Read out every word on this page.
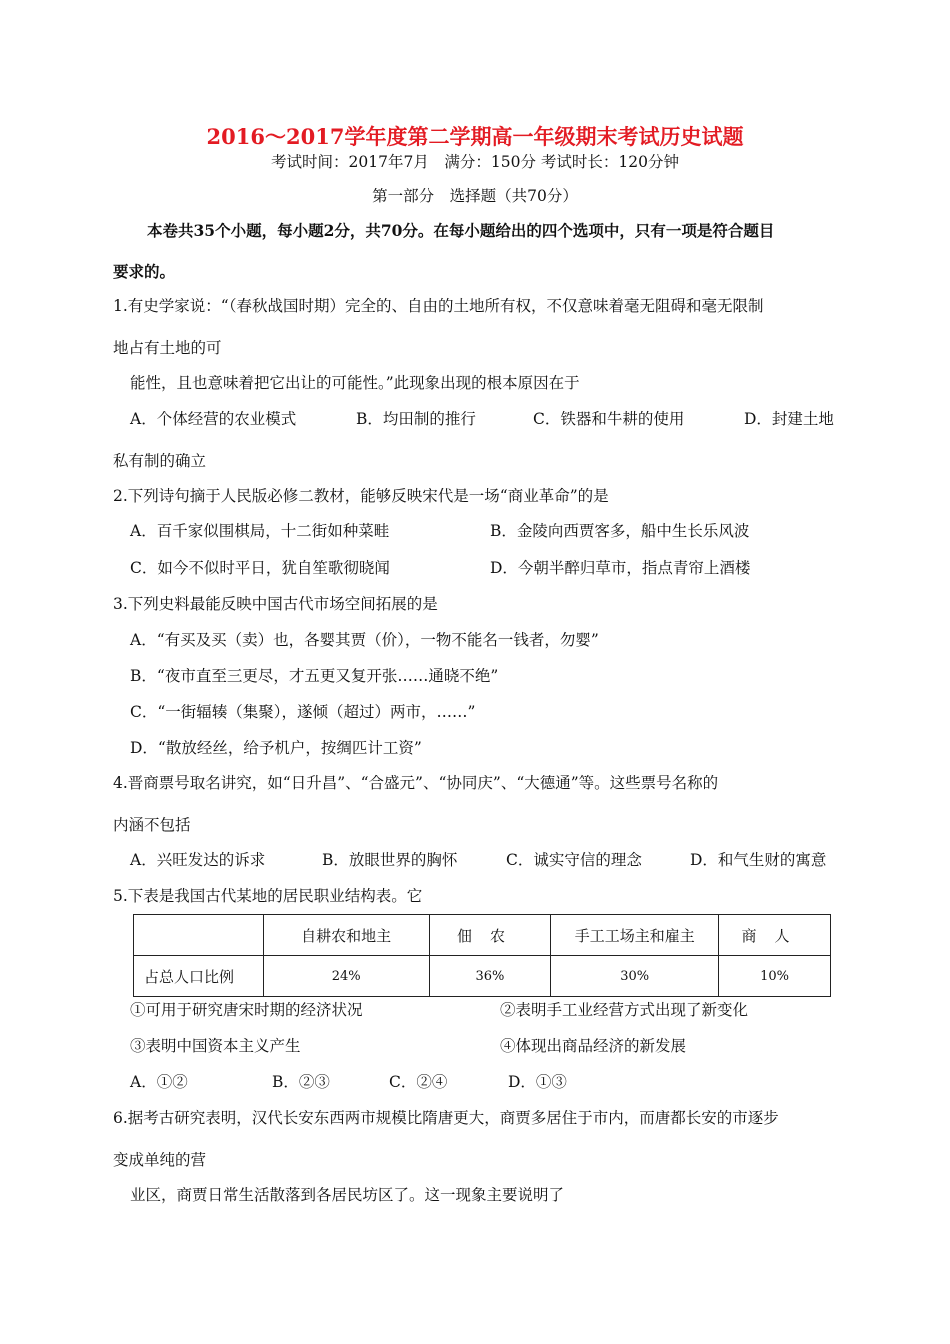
2016～2017学年度第二学期高一年级期末考试历史试题
考试时间：2017年7月　满分：150分 考试时长：120分钟
第一部分　选择题（共70分）
本卷共35个小题，每小题2分，共70分。在每小题给出的四个选项中，只有一项是符合题目
要求的。
1.有史学家说：“（春秋战国时期）完全的、自由的土地所有权，不仅意味着毫无阻碍和毫无限制
地占有土地的可
能性，且也意味着把它出让的可能性。”此现象出现的根本原因在于
A．个体经营的农业模式	B．均田制的推行	C．铁器和牛耕的使用	D．封建土地
私有制的确立
2.下列诗句摘于人民版必修二教材，能够反映宋代是一场“商业革命”的是
A．百千家似围棋局，十二街如种菜畦	B．金陵向西贾客多，船中生长乐风波
C．如今不似时平日，犹自笙歌彻晓闻	D．今朝半醉归草市，指点青帘上酒楼
3.下列史料最能反映中国古代市场空间拓展的是
A．“有买及买（卖）也，各婴其贾（价），一物不能名一钱者，勿婴”
B．“夜市直至三更尽，才五更又复开张……通晓不绝”
C．“一街辐辏（集聚），遂倾（超过）两市，……”
D．“散放经丝，给予机户，按绸匹计工资”
4.晋商票号取名讲究，如“日升昌”、“合盛元”、“协同庆”、“大德通”等。这些票号名称的
内涵不包括
A．兴旺发达的诉求	B．放眼世界的胸怀	C．诚实守信的理念	D．和气生财的寓意
5.下表是我国古代某地的居民职业结构表。它
	自耕农和地主	佃农	手工工场主和雇主	商人
占总人口比例	24%	36%	30%	10%
①可用于研究唐宋时期的经济状况	②表明手工业经营方式出现了新变化
③表明中国资本主义产生	④体现出商品经济的新发展
A．①②	B．②③	C．②④	D．①③
6.据考古研究表明，汉代长安东西两市规模比隋唐更大，商贾多居住于市内，而唐都长安的市逐步
变成单纯的营
业区，商贾日常生活散落到各居民坊区了。这一现象主要说明了
